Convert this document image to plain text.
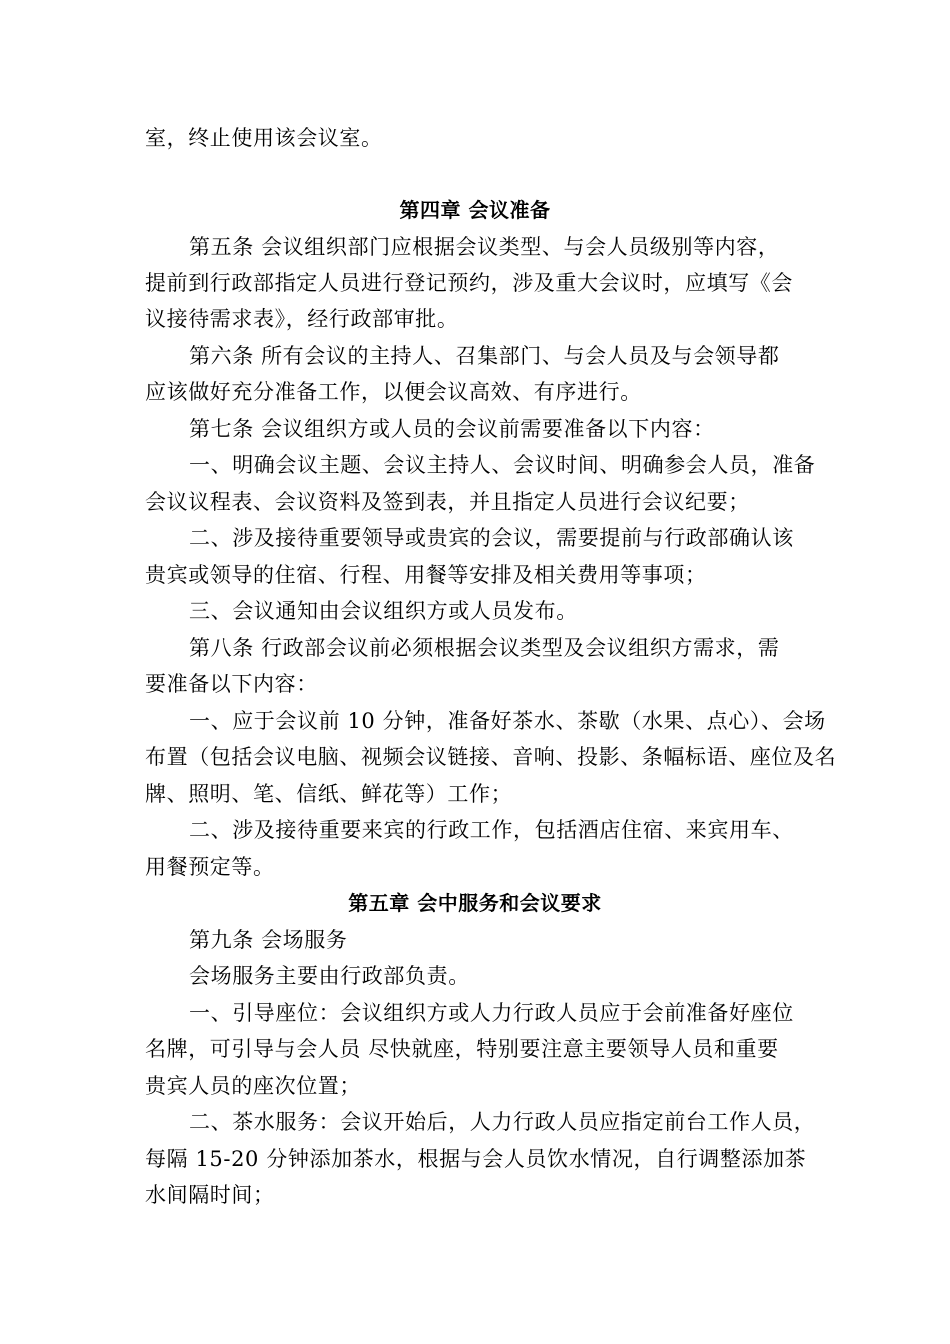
室，终止使用该会议室。
第四章 会议准备
第五条 会议组织部门应根据会议类型、与会人员级别等内容，
提前到行政部指定人员进行登记预约，涉及重大会议时，应填写《会
议接待需求表》，经行政部审批。
第六条 所有会议的主持人、召集部门、与会人员及与会领导都
应该做好充分准备工作，以便会议高效、有序进行。
第七条 会议组织方或人员的会议前需要准备以下内容：
一、明确会议主题、会议主持人、会议时间、明确参会人员，准备
会议议程表、会议资料及签到表，并且指定人员进行会议纪要；
二、涉及接待重要领导或贵宾的会议，需要提前与行政部确认该
贵宾或领导的住宿、行程、用餐等安排及相关费用等事项；
三、会议通知由会议组织方或人员发布。
第八条 行政部会议前必须根据会议类型及会议组织方需求，需
要准备以下内容：
一、应于会议前 10 分钟，准备好茶水、茶歇（水果、点心）、会场
布置（包括会议电脑、视频会议链接、音响、投影、条幅标语、座位及名
牌、照明、笔、信纸、鲜花等）工作；
二、涉及接待重要来宾的行政工作，包括酒店住宿、来宾用车、
用餐预定等。
第五章 会中服务和会议要求
第九条 会场服务
会场服务主要由行政部负责。
一、引导座位：会议组织方或人力行政人员应于会前准备好座位
名牌，可引导与会人员 尽快就座，特别要注意主要领导人员和重要
贵宾人员的座次位置；
二、茶水服务：会议开始后，人力行政人员应指定前台工作人员，
每隔 15-20 分钟添加茶水，根据与会人员饮水情况，自行调整添加茶
水间隔时间；
